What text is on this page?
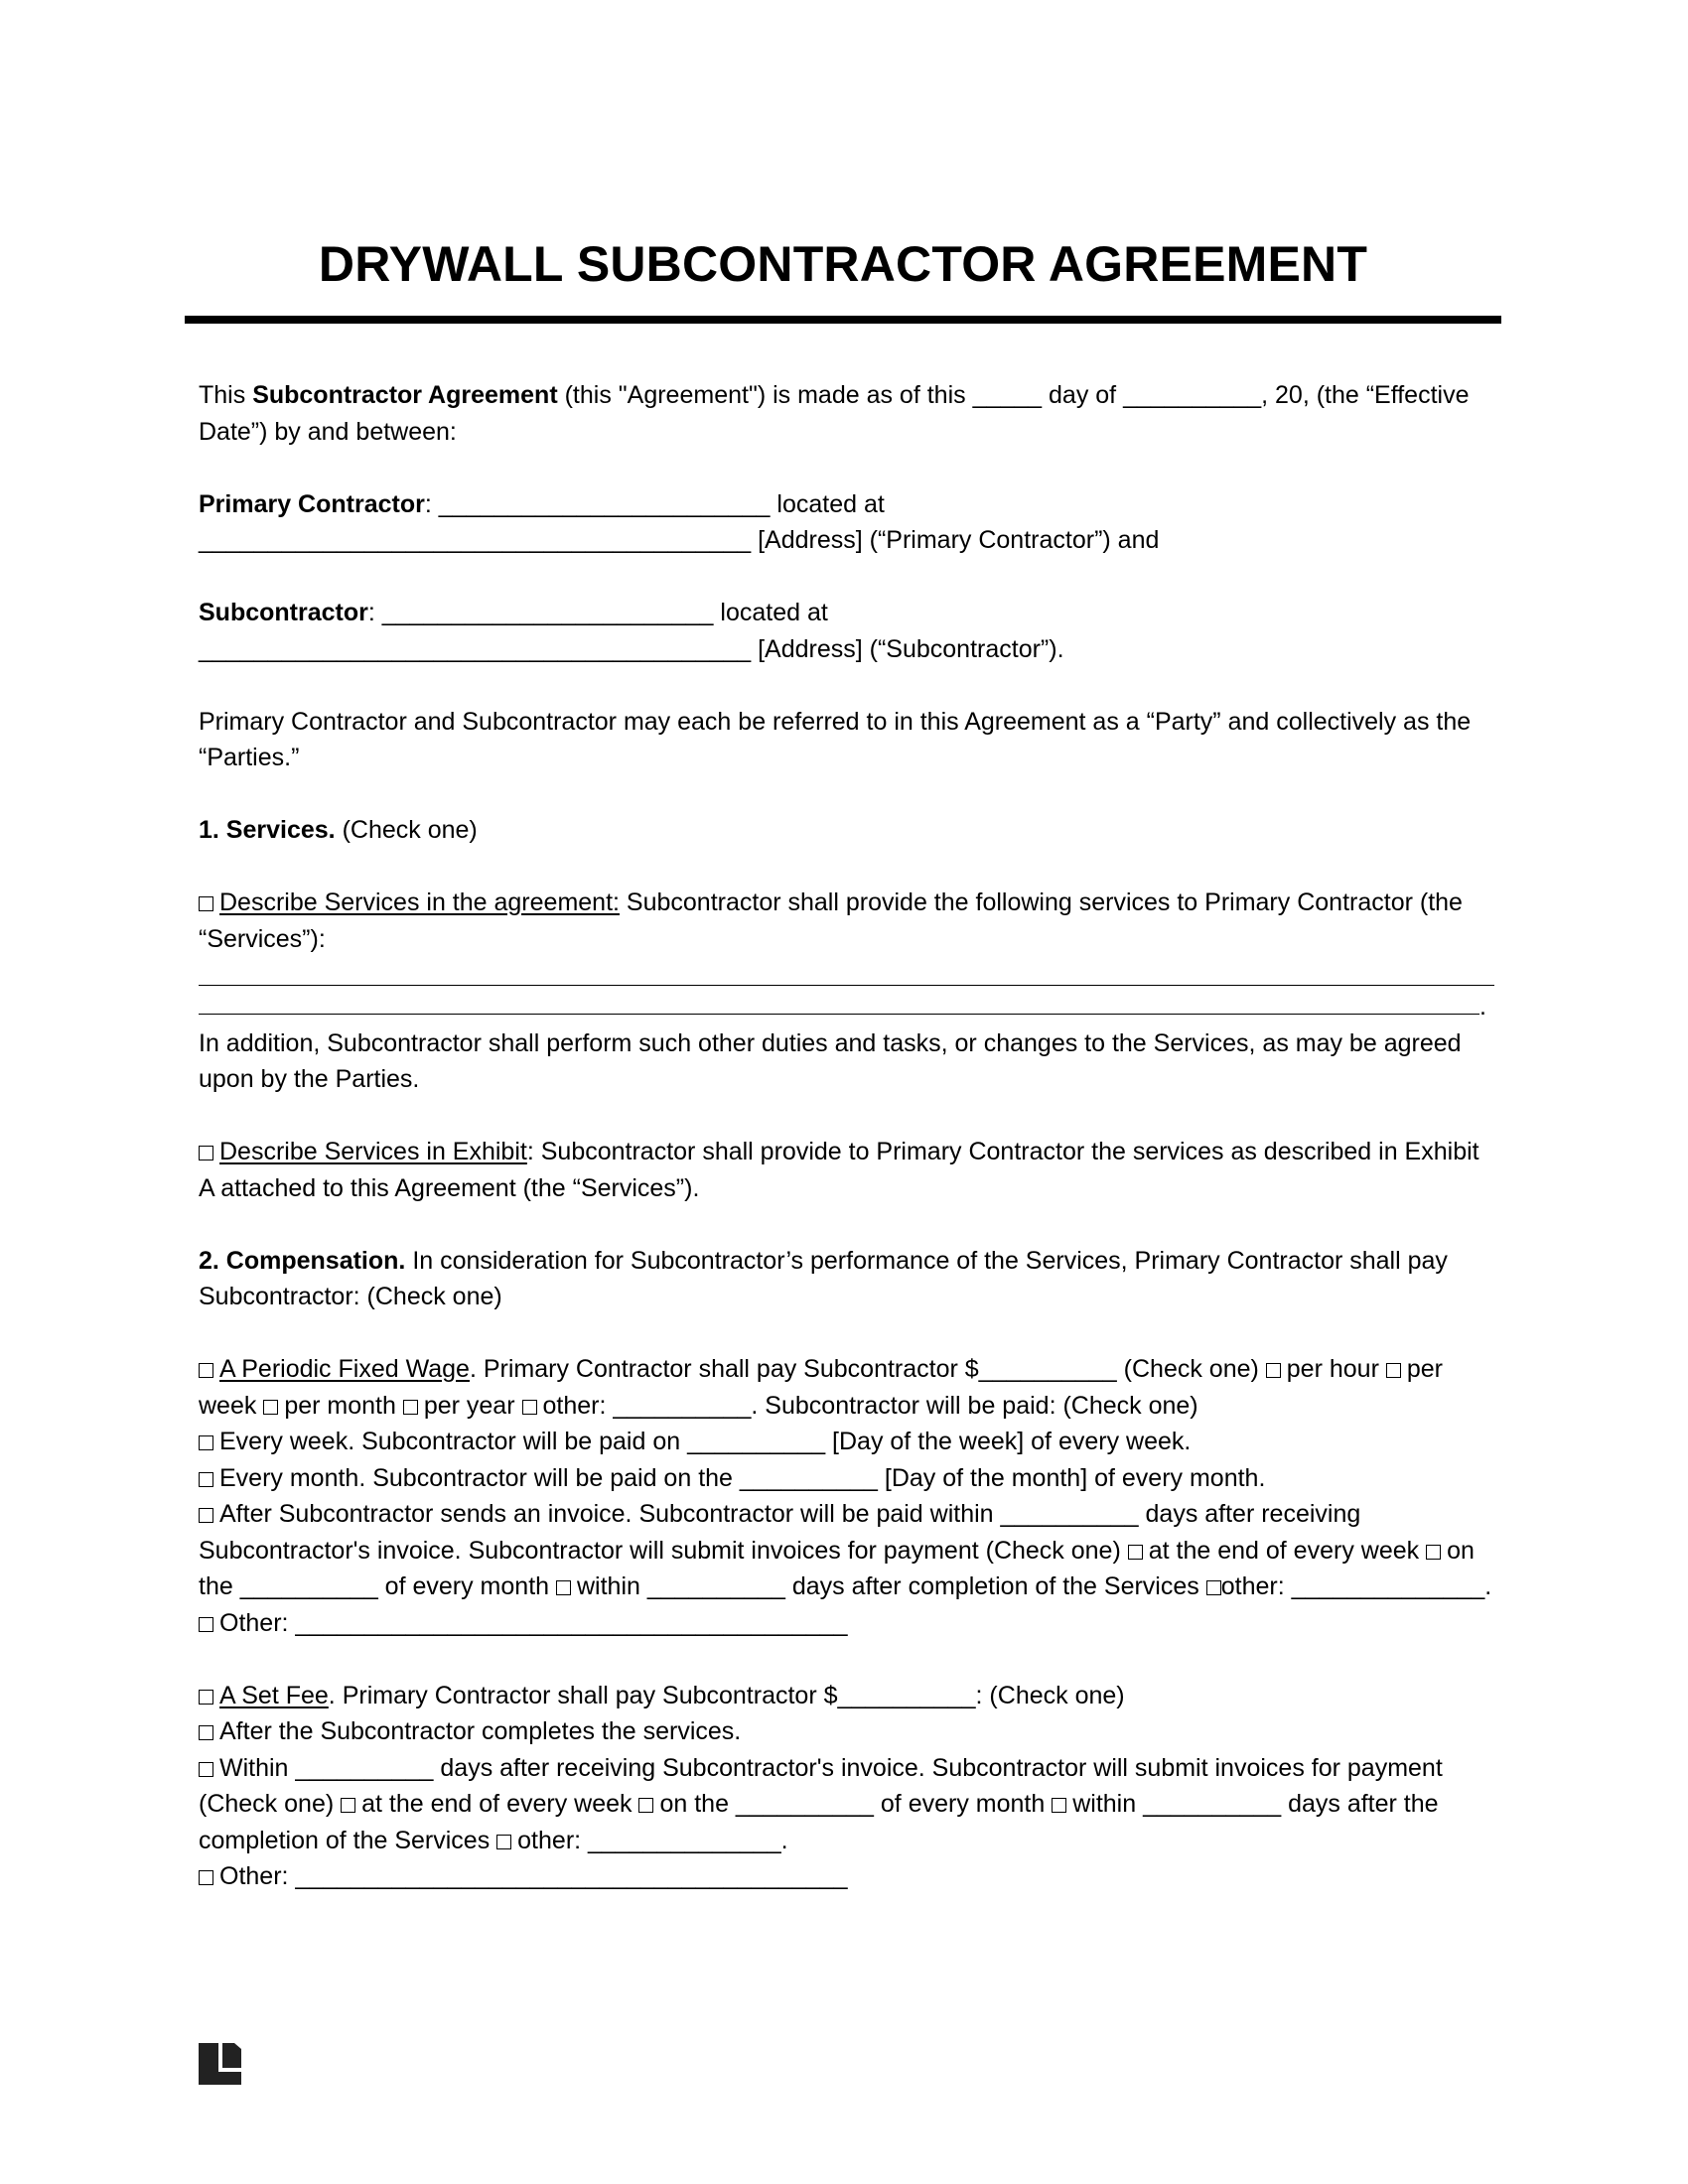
DRYWALL SUBCONTRACTOR AGREEMENT

This Subcontractor Agreement (this "Agreement") is made as of this _____ day of __________, 20, (the “Effective Date”) by and between:

Primary Contractor: ________________________ located at
________________________________________ [Address] (“Primary Contractor”) and

Subcontractor: ________________________ located at
________________________________________ [Address] (“Subcontractor”).

Primary Contractor and Subcontractor may each be referred to in this Agreement as a “Party” and collectively as the “Parties.”

1. Services. (Check one)

Describe Services in the agreement: Subcontractor shall provide the following services to Primary Contractor (the “Services”):

.

In addition, Subcontractor shall perform such other duties and tasks, or changes to the Services, as may be agreed upon by the Parties.

Describe Services in Exhibit: Subcontractor shall provide to Primary Contractor the services as described in Exhibit A attached to this Agreement (the “Services”).

2. Compensation. In consideration for Subcontractor’s performance of the Services, Primary Contractor shall pay Subcontractor: (Check one)

A Periodic Fixed Wage. Primary Contractor shall pay Subcontractor $__________ (Check one) per hour per week per month per year other: __________. Subcontractor will be paid: (Check one)

Every week. Subcontractor will be paid on __________ [Day of the week] of every week.

Every month. Subcontractor will be paid on the __________ [Day of the month] of every month.

After Subcontractor sends an invoice. Subcontractor will be paid within __________ days after receiving Subcontractor's invoice. Subcontractor will submit invoices for payment (Check one) at the end of every week on the __________ of every month within __________ days after completion of the Services other: ______________.

Other: ________________________________________

A Set Fee. Primary Contractor shall pay Subcontractor $__________: (Check one)

After the Subcontractor completes the services.

Within __________ days after receiving Subcontractor's invoice. Subcontractor will submit invoices for payment (Check one) at the end of every week on the __________ of every month within __________ days after the completion of the Services other: ______________.

Other: ________________________________________
